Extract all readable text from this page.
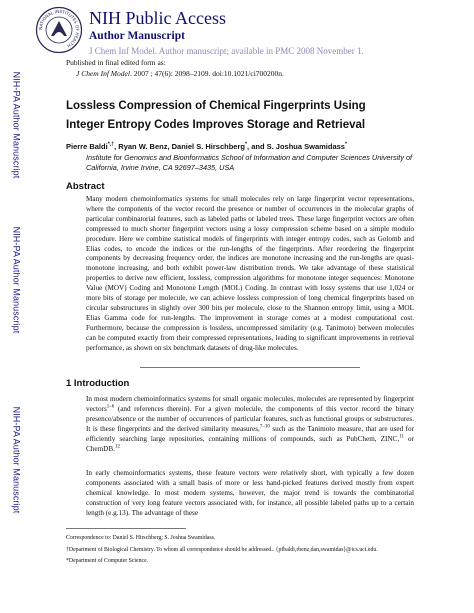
NIH-PA Author Manuscript
NIH-PA Author Manuscript
NIH-PA Author Manuscript
NATIONAL INSTITUTES OF HEALTH
NIH Public Access
Author Manuscript
J Chem Inf Model. Author manuscript; available in PMC 2008 November 1.
Published in final edited form as:
J Chem Inf Model. 2007 ; 47(6): 2098–2109. doi:10.1021/ci700200n.
Lossless Compression of Chemical Fingerprints Using Integer Entropy Codes Improves Storage and Retrieval
Pierre Baldi*,†, Ryan W. Benz, Daniel S. Hirschberg*, and S. Joshua Swamidass*
Institute for Genomics and Bioinformatics School of Information and Computer Sciences University of California, Irvine Irvine, CA 92697–3435, USA
Abstract
Many modern chemoinformatics systems for small molecules rely on large fingerprint vector representations, where the components of the vector record the presence or number of occurrences in the molecular graphs of particular combinatorial features, such as labeled paths or labeled trees. These large fingerprint vectors are often compressed to much shorter fingerprint vectors using a lossy compression scheme based on a simple modulo procedure. Here we combine statistical models of fingerprints with integer entropy codes, such as Golomb and Elias codes, to encode the indices or the run-lengths of the fingerprints. After reordering the fingerprint components by decreasing frequency order, the indices are monotone increasing and the run-lengths are quasi-monotone increasing, and both exhibit power-law distribution trends. We take advantage of these statistical properties to derive new efficient, lossless, compression algorithms for monotone integer sequences: Monotone Value (MOV) Coding and Monotone Length (MOL) Coding. In contrast with lossy systems that use 1,024 or more bits of storage per molecule, we can achieve lossless compression of long chemical fingerprints based on circular substructures in slightly over 300 bits per molecule, close to the Shannon entropy limit, using a MOL Elias Gamma code for run-lengths. The improvement in storage comes at a modest computational cost. Furthermore, because the compression is lossless, uncompressed similarity (e.g. Tanimoto) between molecules can be computed exactly from their compressed representations, leading to significant improvements in retrieval performance, as shown on six benchmark datasets of drug-like molecules.
1 Introduction
In most modern chemoinformatics systems for small organic molecules, molecules are represented by fingerprint vectors$^{1-6}$ (and references therein). For a given molecule, the components of this vector record the binary presence/absence or the number of occurrences of particular features, such as functional groups or substructures. It is these fingerprints and the derived similarity measures,$^{7-10}$ such as the Tanimoto measure, that are used for efficiently searching large repositories, containing millions of compounds, such as PubChem, ZINC,$^{11}$ or ChemDB.$^{12}$
In early chemoinformatics systems, these feature vectors were relatively short, with typically a few dozen components associated with a small basis of more or less hand-picked features derived mostly from expert chemical knowledge. In most modern systems, however, the major trend is towards the combinatorial construction of very long feature vectors associated with, for instance, all possible labeled paths up to a certain length (e.g.13). The advantage of these
Correspondence to: Daniel S. Hirschberg; S. Joshua Swamidass.
†Department of Biological Chemistry. To whom all correspondence should be addressed.. {pfbaldi,rbenz,dan,swamidas}@ics.uci.edu.
*Department of Computer Science.
